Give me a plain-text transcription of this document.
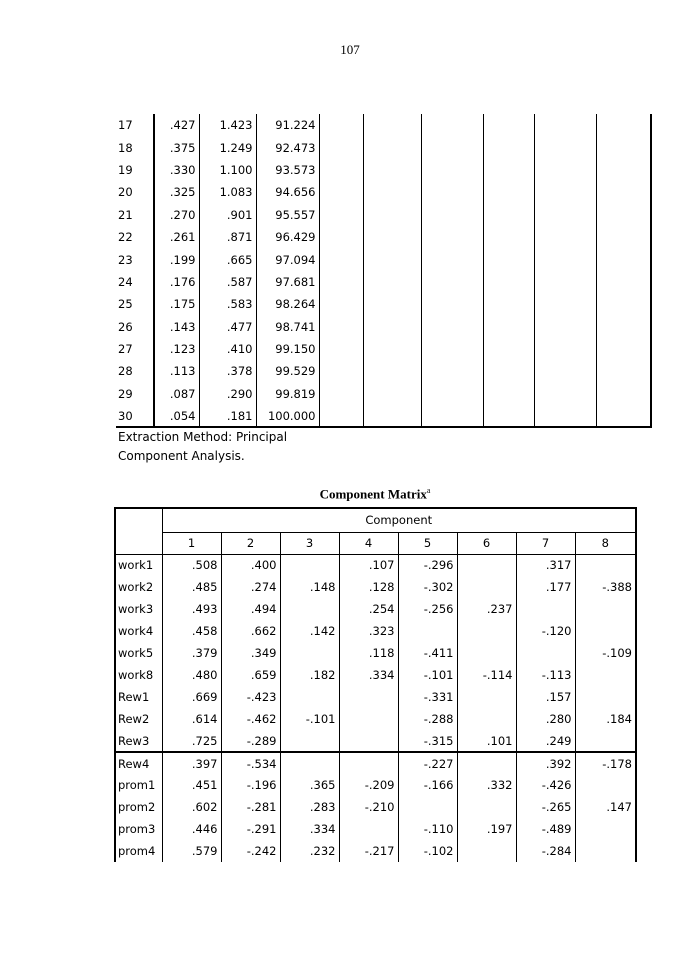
107
17	.427	1.423	91.224						
18	.375	1.249	92.473						
19	.330	1.100	93.573						
20	.325	1.083	94.656						
21	.270	.901	95.557						
22	.261	.871	96.429						
23	.199	.665	97.094						
24	.176	.587	97.681						
25	.175	.583	98.264						
26	.143	.477	98.741						
27	.123	.410	99.150						
28	.113	.378	99.529						
29	.087	.290	99.819						
30	.054	.181	100.000						
Extraction Method: Principal
Component Analysis.
Component Matrix$^a$
	Component							
	1	2	3	4	5	6	7	8
work1	.508	.400		.107	-.296		.317	
work2	.485	.274	.148	.128	-.302		.177	-.388
work3	.493	.494		.254	-.256	.237		
work4	.458	.662	.142	.323			-.120	
work5	.379	.349		.118	-.411			-.109
work8	.480	.659	.182	.334	-.101	-.114	-.113	
Rew1	.669	-.423			-.331		.157	
Rew2	.614	-.462	-.101		-.288		.280	.184
Rew3	.725	-.289			-.315	.101	.249	
Rew4	.397	-.534			-.227		.392	-.178
prom1	.451	-.196	.365	-.209	-.166	.332	-.426	
prom2	.602	-.281	.283	-.210			-.265	.147
prom3	.446	-.291	.334		-.110	.197	-.489	
prom4	.579	-.242	.232	-.217	-.102		-.284	
